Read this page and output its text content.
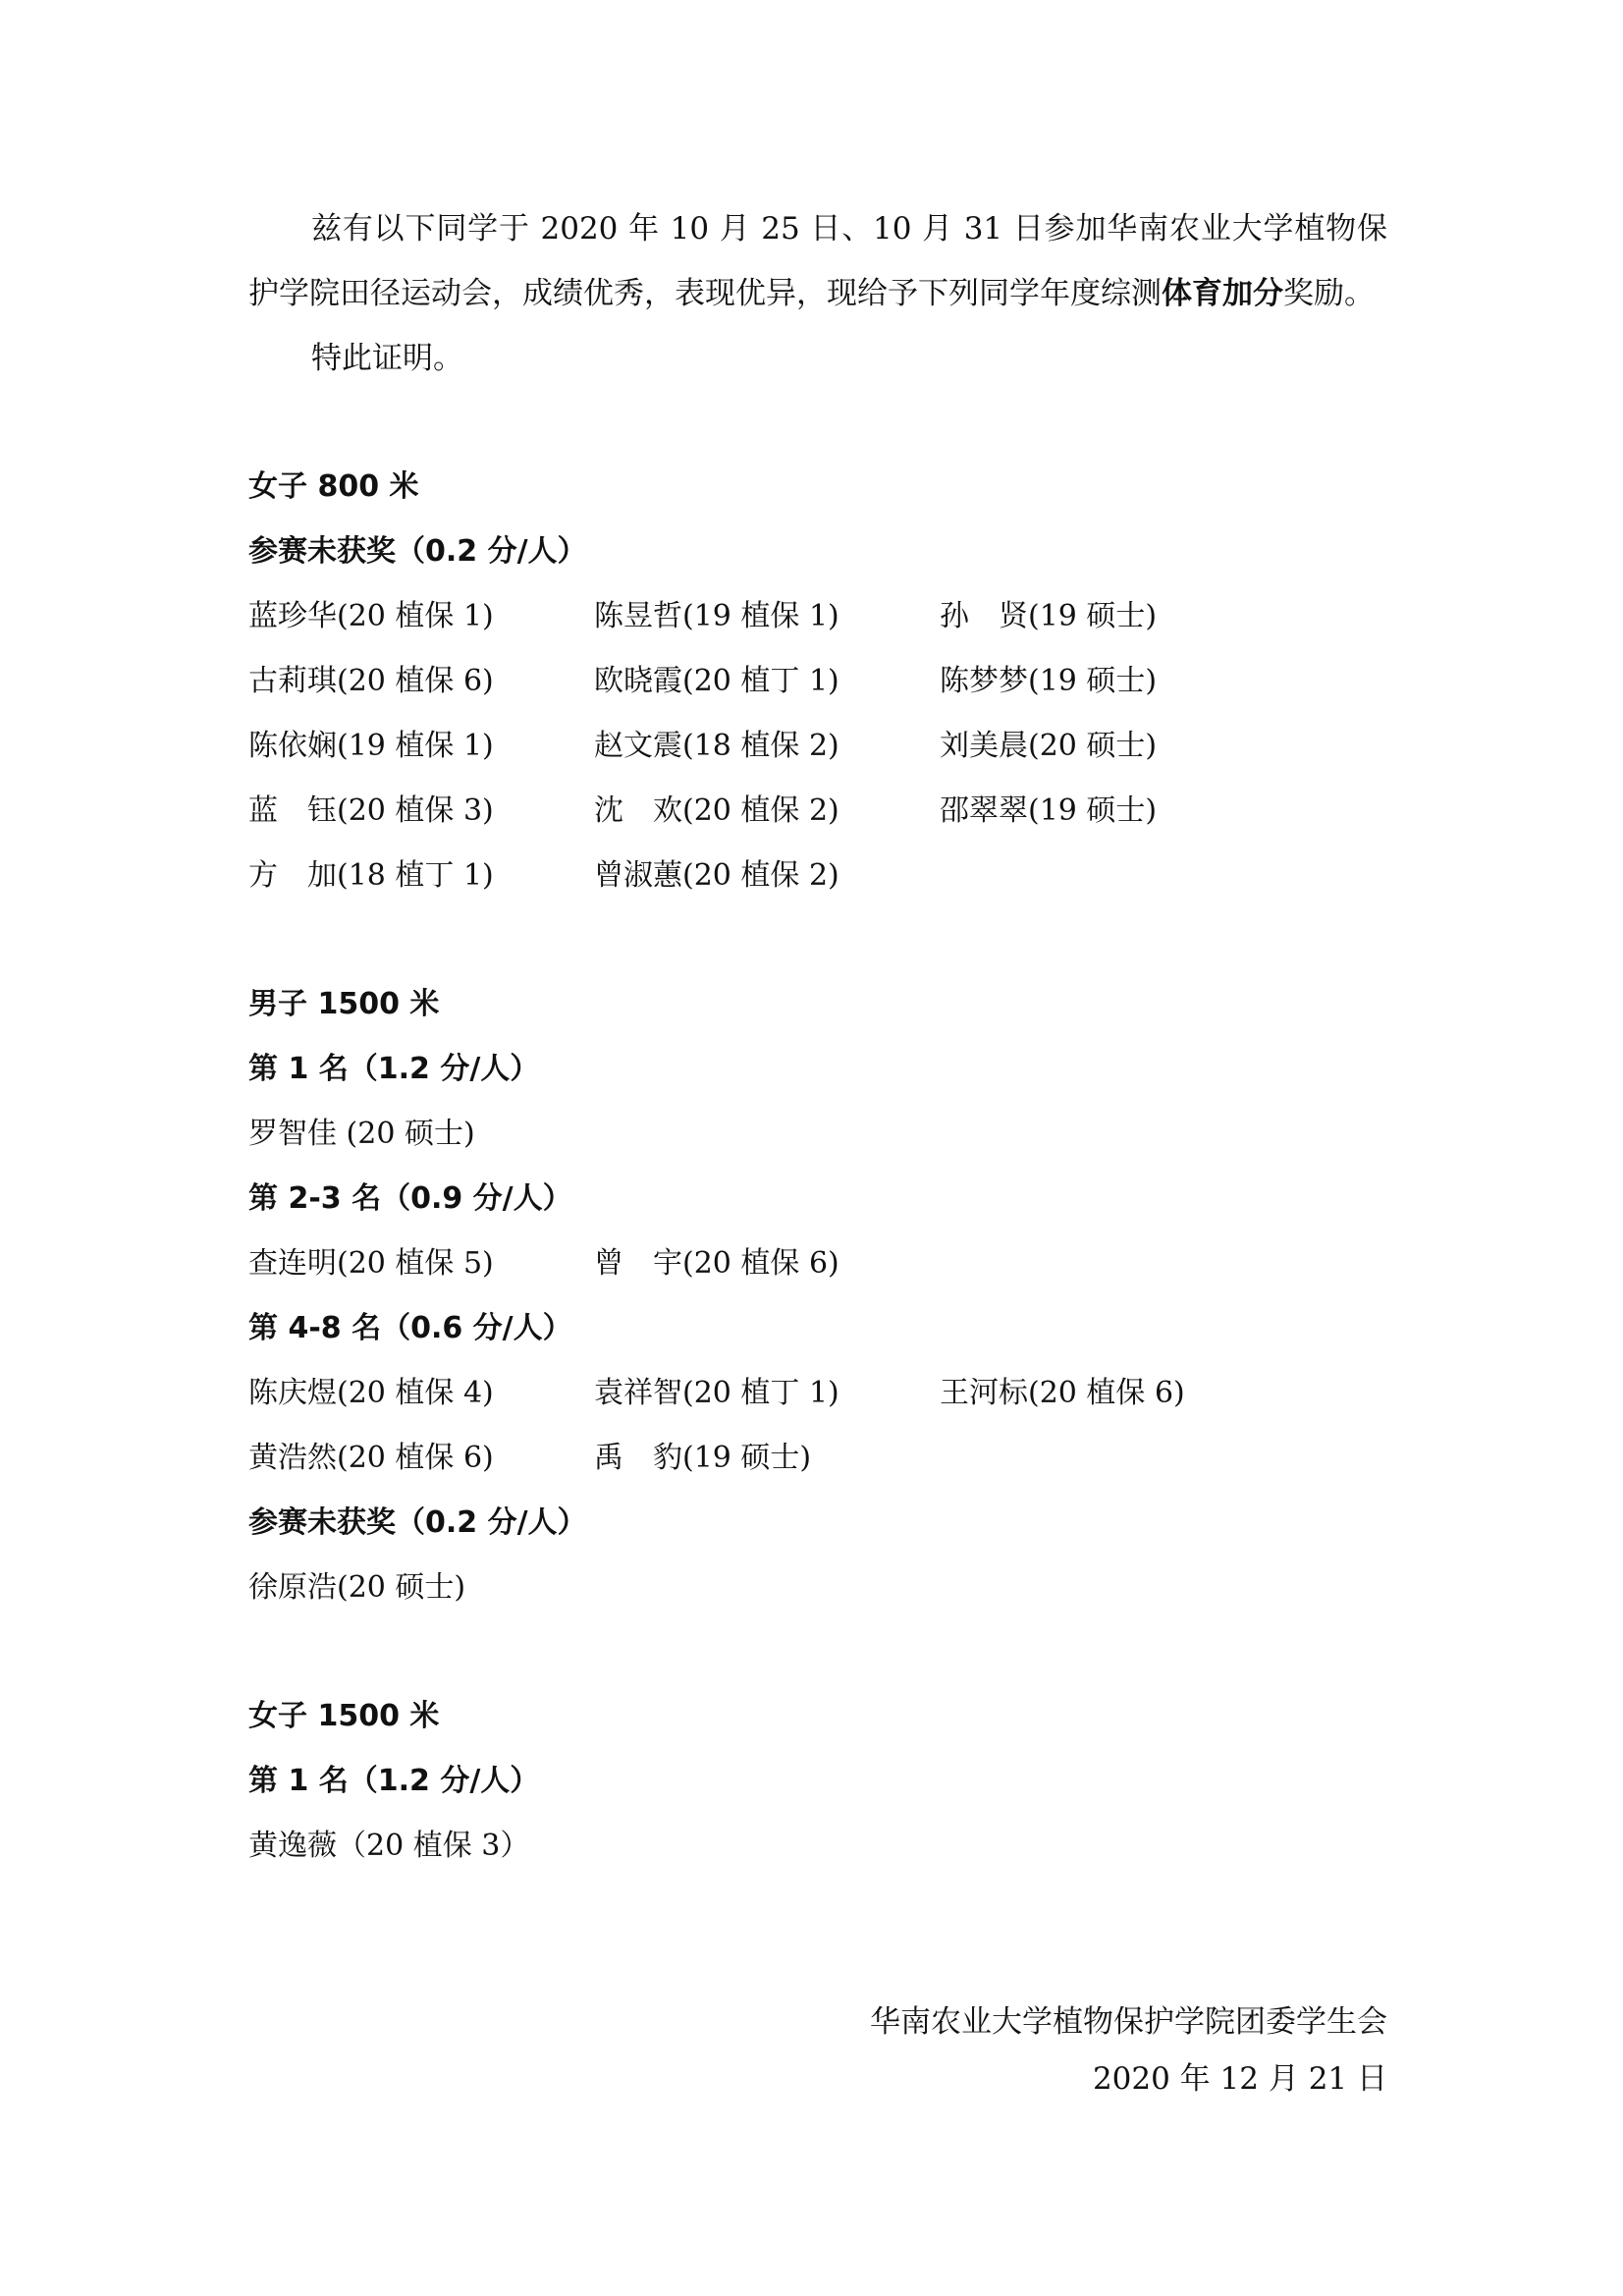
兹有以下同学于 2020 年 10 月 25 日、10 月 31 日参加华南农业大学植物保护学院田径运动会，成绩优秀，表现优异，现给予下列同学年度综测体育加分奖励。

特此证明。

女子 800 米
参赛未获奖（0.2 分/人）
蓝珍华(20 植保 1)	陈昱哲(19 植保 1)	孙　贤(19 硕士)
古莉琪(20 植保 6)	欧晓霞(20 植丁 1)	陈梦梦(19 硕士)
陈依娴(19 植保 1)	赵文震(18 植保 2)	刘美晨(20 硕士)
蓝　钰(20 植保 3)	沈　欢(20 植保 2)	邵翠翠(19 硕士)
方　加(18 植丁 1)	曾淑蕙(20 植保 2)
男子 1500 米
第 1 名（1.2 分/人）
罗智佳 (20 硕士)
第 2-3 名（0.9 分/人）
查连明(20 植保 5)	曾　宇(20 植保 6)
第 4-8 名（0.6 分/人）
陈庆煜(20 植保 4)	袁祥智(20 植丁 1)	王河标(20 植保 6)
黄浩然(20 植保 6)	禹　豹(19 硕士)
参赛未获奖（0.2 分/人）
徐原浩(20 硕士)
女子 1500 米
第 1 名（1.2 分/人）
黄逸薇（20 植保 3）
华南农业大学植物保护学院团委学生会
2020 年 12 月 21 日
